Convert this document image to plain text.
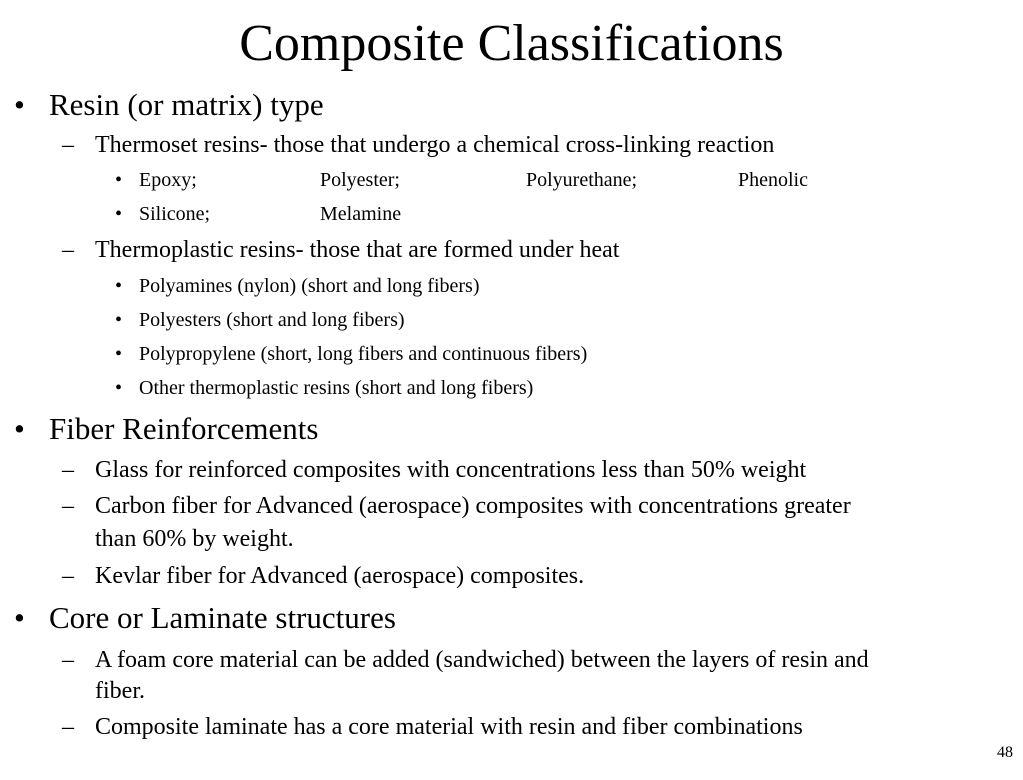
Composite Classifications
• Resin (or matrix) type
– Thermoset resins- those that undergo a chemical cross-linking reaction
• Epoxy;	Polyester;	Polyurethane;	Phenolic
• Silicone;	Melamine
– Thermoplastic resins- those that are formed under heat
• Polyamines (nylon) (short and long fibers)
• Polyesters (short and long fibers)
• Polypropylene (short, long fibers and continuous fibers)
• Other thermoplastic resins (short and long fibers)
• Fiber Reinforcements
– Glass for reinforced composites with concentrations less than 50% weight
– Carbon fiber for Advanced (aerospace) composites with concentrations greater
than 60% by weight.
– Kevlar fiber for Advanced (aerospace) composites.
• Core or Laminate structures
– A foam core material can be added (sandwiched) between the layers of resin and
fiber.
– Composite laminate has a core material with resin and fiber combinations
48
